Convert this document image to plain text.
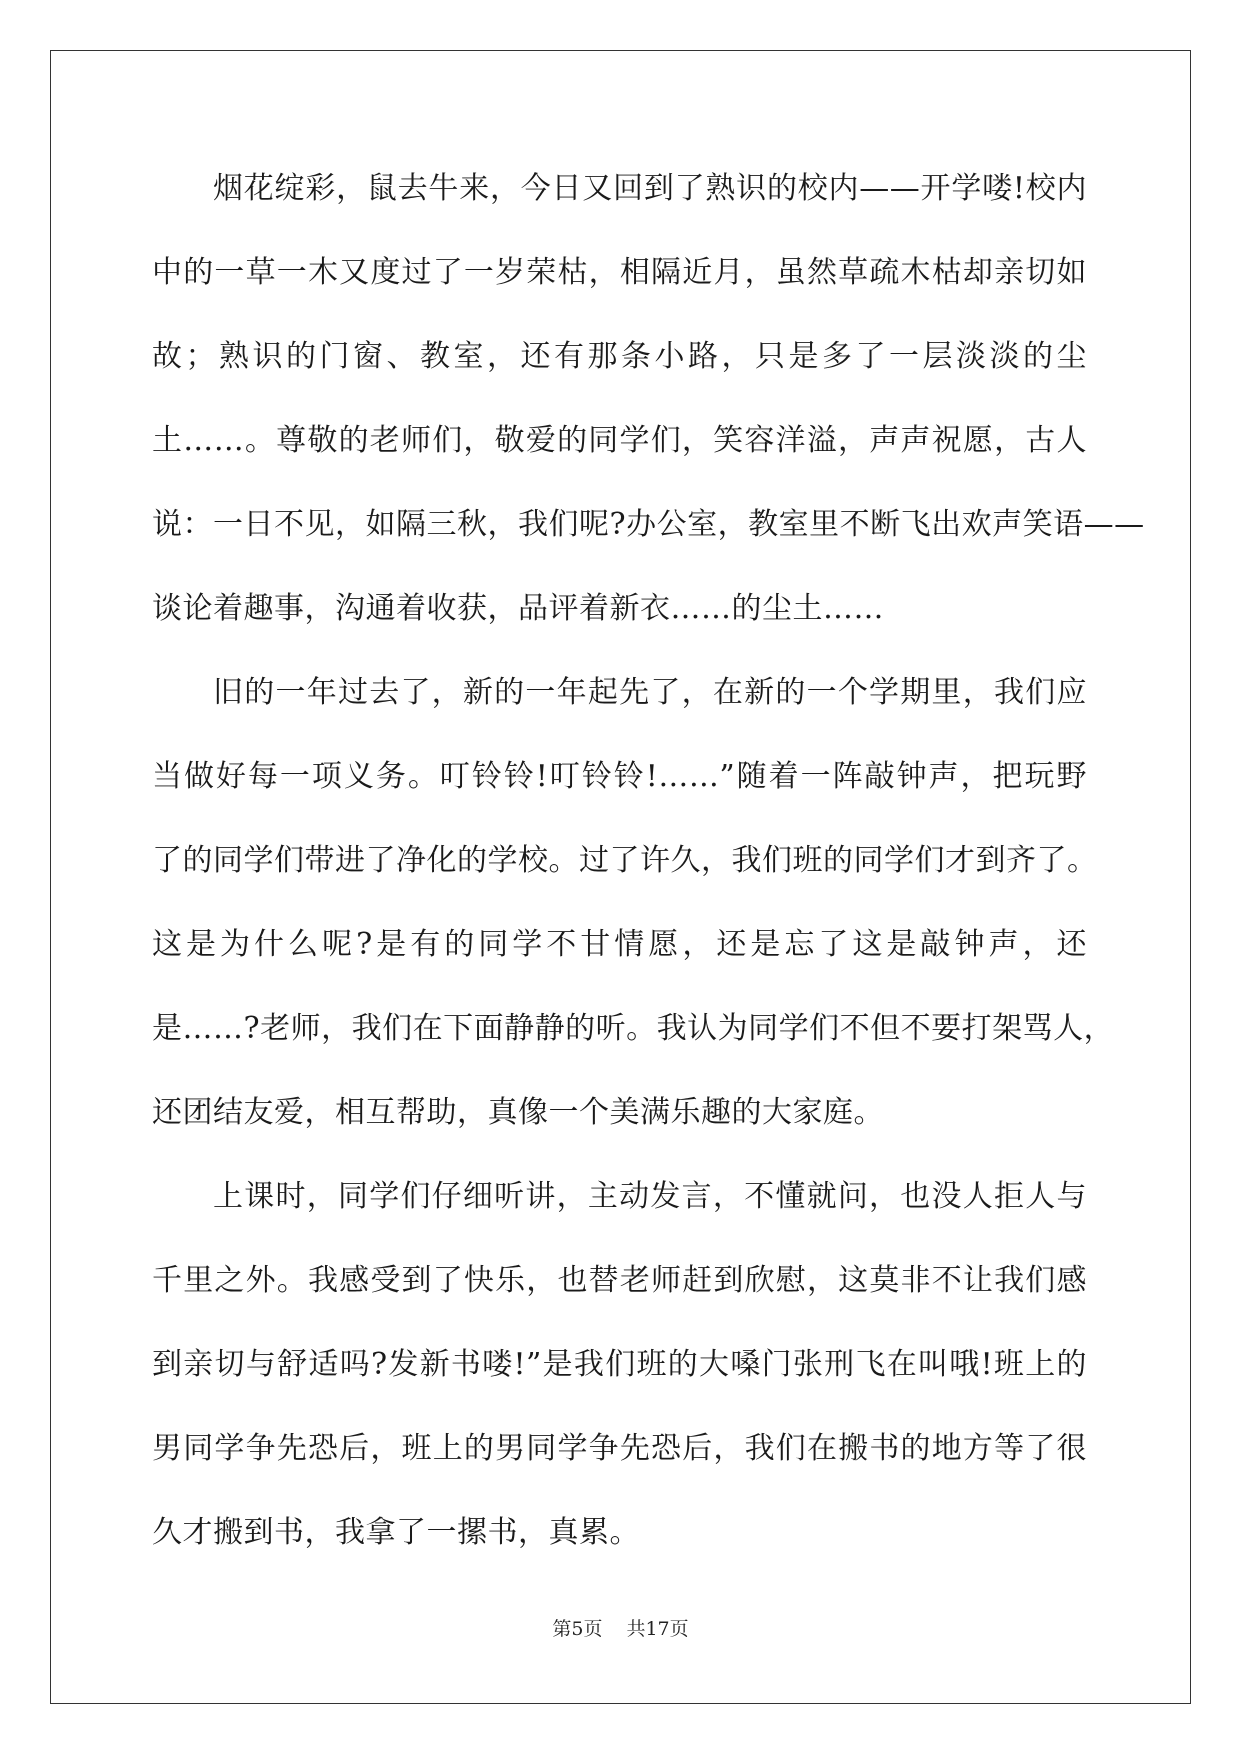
烟花绽彩，鼠去牛来，今日又回到了熟识的校内——开学喽!校内
中的一草一木又度过了一岁荣枯，相隔近月，虽然草疏木枯却亲切如
故；熟识的门窗、教室，还有那条小路，只是多了一层淡淡的尘
土……。尊敬的老师们，敬爱的同学们，笑容洋溢，声声祝愿，古人
说：一日不见，如隔三秋，我们呢?办公室，教室里不断飞出欢声笑语——
谈论着趣事，沟通着收获，品评着新衣……的尘土……
旧的一年过去了，新的一年起先了，在新的一个学期里，我们应
当做好每一项义务。叮铃铃!叮铃铃!……”随着一阵敲钟声，把玩野
了的同学们带进了净化的学校。过了许久，我们班的同学们才到齐了。
这是为什么呢?是有的同学不甘情愿，还是忘了这是敲钟声，还
是……?老师，我们在下面静静的听。我认为同学们不但不要打架骂人，
还团结友爱，相互帮助，真像一个美满乐趣的大家庭。
上课时，同学们仔细听讲，主动发言，不懂就问，也没人拒人与
千里之外。我感受到了快乐，也替老师赶到欣慰，这莫非不让我们感
到亲切与舒适吗?发新书喽!”是我们班的大嗓门张刑飞在叫哦!班上的
男同学争先恐后，班上的男同学争先恐后，我们在搬书的地方等了很
久才搬到书，我拿了一摞书，真累。
第5页 共17页
